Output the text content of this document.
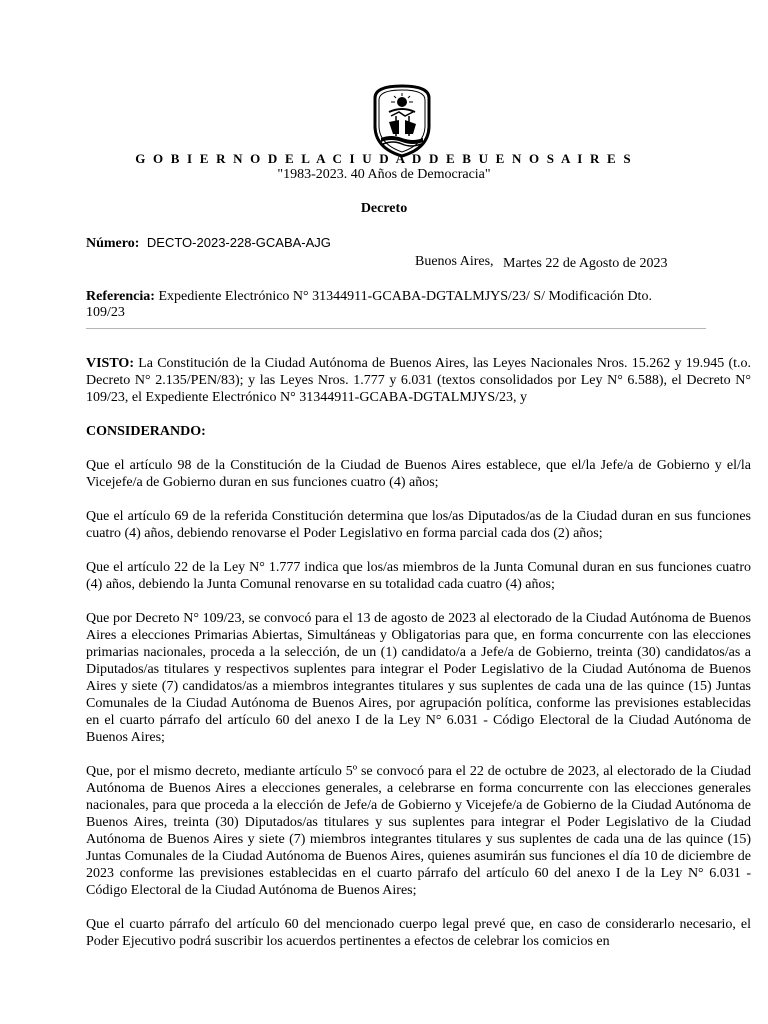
G O B I E R N O D E L A C I U D A D D E B U E N O S A I R E S
"1983-2023. 40 Años de Democracia"
Decreto
Número: DECTO-2023-228-GCABA-AJG
Buenos Aires, Martes 22 de Agosto de 2023
Referencia: Expediente Electrónico N° 31344911-GCABA-DGTALMJYS/23/ S/ Modificación Dto. 109/23

VISTO: La Constitución de la Ciudad Autónoma de Buenos Aires, las Leyes Nacionales Nros. 15.262 y 19.945 (t.o. Decreto N° 2.135/PEN/83); y las Leyes Nros. 1.777 y 6.031 (textos consolidados por Ley N° 6.588), el Decreto N° 109/23, el Expediente Electrónico N° 31344911-GCABA-DGTALMJYS/23, y

CONSIDERANDO:

Que el artículo 98 de la Constitución de la Ciudad de Buenos Aires establece, que el/la Jefe/a de Gobierno y el/la Vicejefe/a de Gobierno duran en sus funciones cuatro (4) años;

Que el artículo 69 de la referida Constitución determina que los/as Diputados/as de la Ciudad duran en sus funciones cuatro (4) años, debiendo renovarse el Poder Legislativo en forma parcial cada dos (2) años;

Que el artículo 22 de la Ley N° 1.777 indica que los/as miembros de la Junta Comunal duran en sus funciones cuatro (4) años, debiendo la Junta Comunal renovarse en su totalidad cada cuatro (4) años;

Que por Decreto N° 109/23, se convocó para el 13 de agosto de 2023 al electorado de la Ciudad Autónoma de Buenos Aires a elecciones Primarias Abiertas, Simultáneas y Obligatorias para que, en forma concurrente con las elecciones primarias nacionales, proceda a la selección, de un (1) candidato/a a Jefe/a de Gobierno, treinta (30) candidatos/as a Diputados/as titulares y respectivos suplentes para integrar el Poder Legislativo de la Ciudad Autónoma de Buenos Aires y siete (7) candidatos/as a miembros integrantes titulares y sus suplentes de cada una de las quince (15) Juntas Comunales de la Ciudad Autónoma de Buenos Aires, por agrupación política, conforme las previsiones establecidas en el cuarto párrafo del artículo 60 del anexo I de la Ley N° 6.031 - Código Electoral de la Ciudad Autónoma de Buenos Aires;

Que, por el mismo decreto, mediante artículo 5º se convocó para el 22 de octubre de 2023, al electorado de la Ciudad Autónoma de Buenos Aires a elecciones generales, a celebrarse en forma concurrente con las elecciones generales nacionales, para que proceda a la elección de Jefe/a de Gobierno y Vicejefe/a de Gobierno de la Ciudad Autónoma de Buenos Aires, treinta (30) Diputados/as titulares y sus suplentes para integrar el Poder Legislativo de la Ciudad Autónoma de Buenos Aires y siete (7) miembros integrantes titulares y sus suplentes de cada una de las quince (15) Juntas Comunales de la Ciudad Autónoma de Buenos Aires, quienes asumirán sus funciones el día 10 de diciembre de 2023 conforme las previsiones establecidas en el cuarto párrafo del artículo 60 del anexo I de la Ley N° 6.031 - Código Electoral de la Ciudad Autónoma de Buenos Aires;

Que el cuarto párrafo del artículo 60 del mencionado cuerpo legal prevé que, en caso de considerarlo necesario, el Poder Ejecutivo podrá suscribir los acuerdos pertinentes a efectos de celebrar los comicios en
